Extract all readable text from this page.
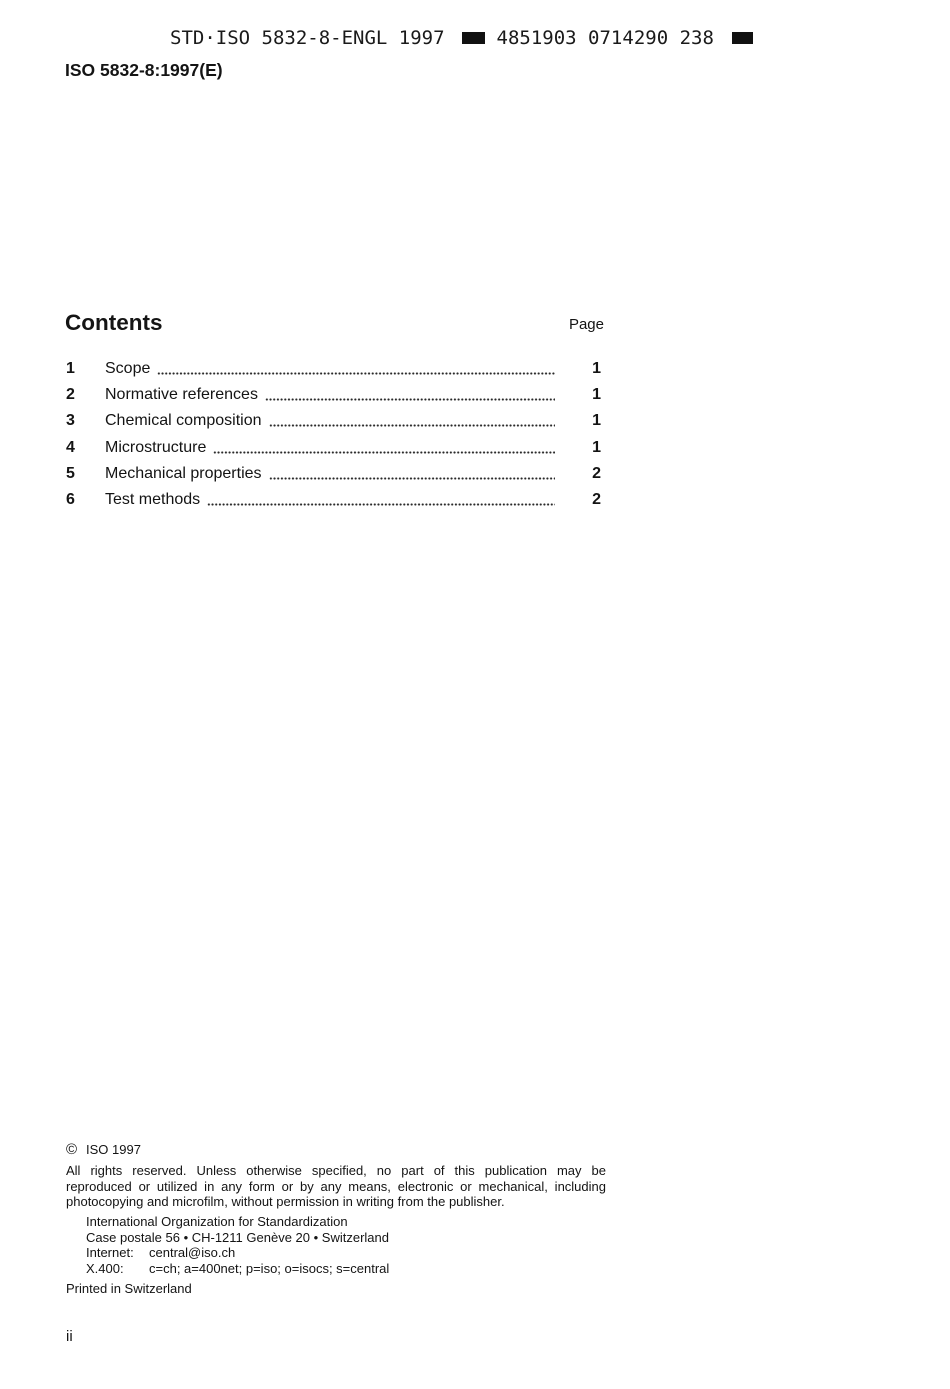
STD·ISO 5832-8-ENGL 1997	4851903 0714290 238
ISO 5832-8:1997(E)
Contents	Page
1	Scope	1
2	Normative references	1
3	Chemical composition	1
4	Microstructure	1
5	Mechanical properties	2
6	Test methods	2
© ISO 1997
All rights reserved. Unless otherwise specified, no part of this publication may be
reproduced or utilized in any form or by any means, electronic or mechanical, including
photocopying and microfilm, without permission in writing from the publisher.
International Organization for Standardization
Case postale 56 • CH-1211 Genève 20 • Switzerland
Internet: central@iso.ch
X.400: c=ch; a=400net; p=iso; o=isocs; s=central
Printed in Switzerland
ii
